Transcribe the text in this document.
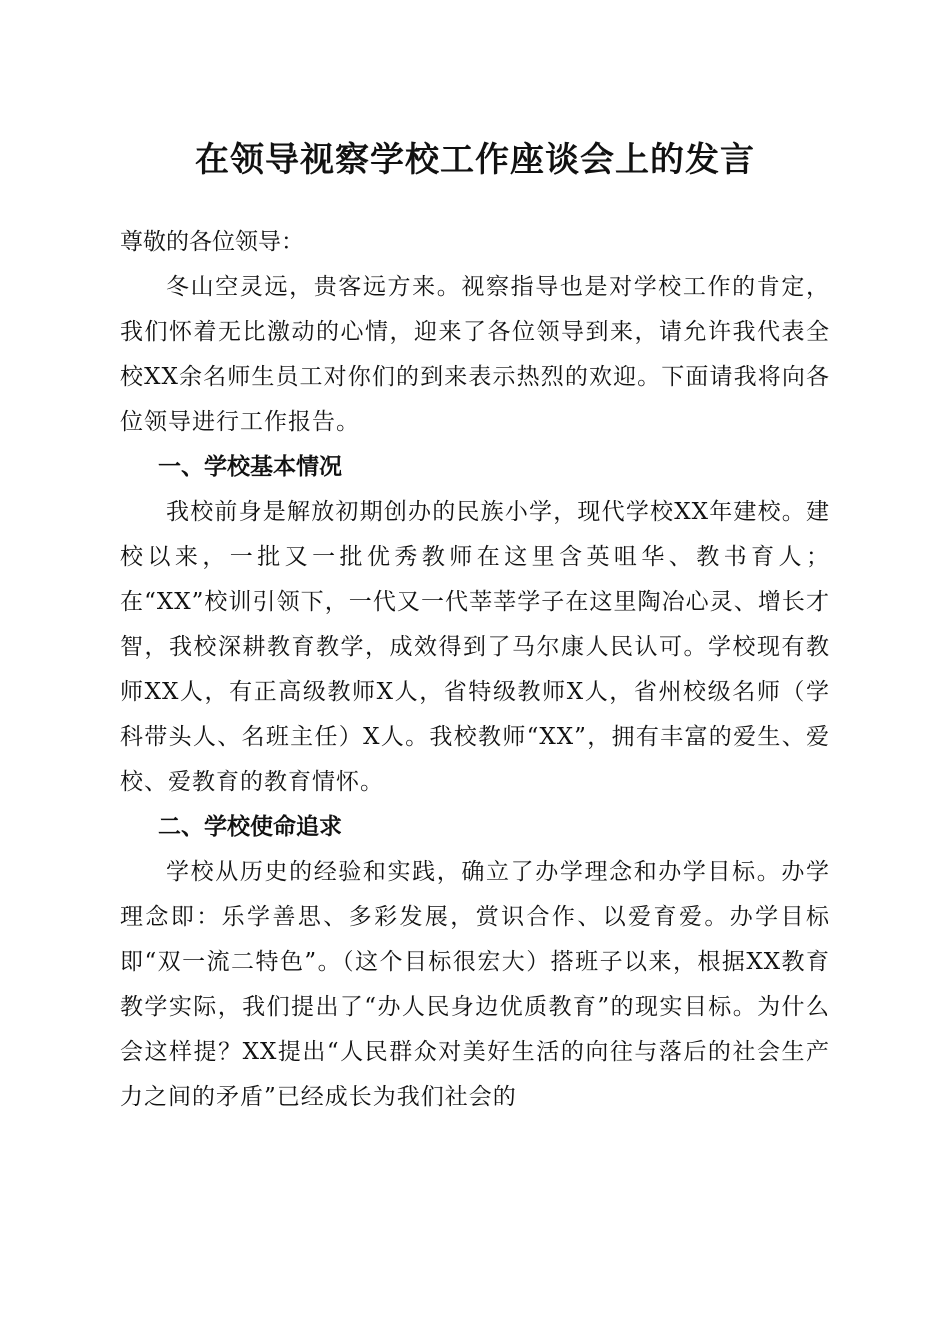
在领导视察学校工作座谈会上的发言

尊敬的各位领导：

冬山空灵远，贵客远方来。视察指导也是对学校工作的肯定，我们怀着无比激动的心情，迎来了各位领导到来，请允许我代表全校XX余名师生员工对你们的到来表示热烈的欢迎。下面请我将向各位领导进行工作报告。

一、学校基本情况

我校前身是解放初期创办的民族小学，现代学校XX年建校。建校以来，一批又一批优秀教师在这里含英咀华、教书育人；在“XX”校训引领下，一代又一代莘莘学子在这里陶冶心灵、增长才智，我校深耕教育教学，成效得到了马尔康人民认可。学校现有教师XX人，有正高级教师X人，省特级教师X人，省州校级名师（学科带头人、名班主任）X人。我校教师“XX”，拥有丰富的爱生、爱校、爱教育的教育情怀。

二、学校使命追求

学校从历史的经验和实践，确立了办学理念和办学目标。办学理念即：乐学善思、多彩发展，赏识合作、以爱育爱。办学目标即“双一流二特色”。（这个目标很宏大）搭班子以来，根据XX教育教学实际，我们提出了“办人民身边优质教育”的现实目标。为什么会这样提？XX提出“人民群众对美好生活的向往与落后的社会生产力之间的矛盾”已经成长为我们社会的
